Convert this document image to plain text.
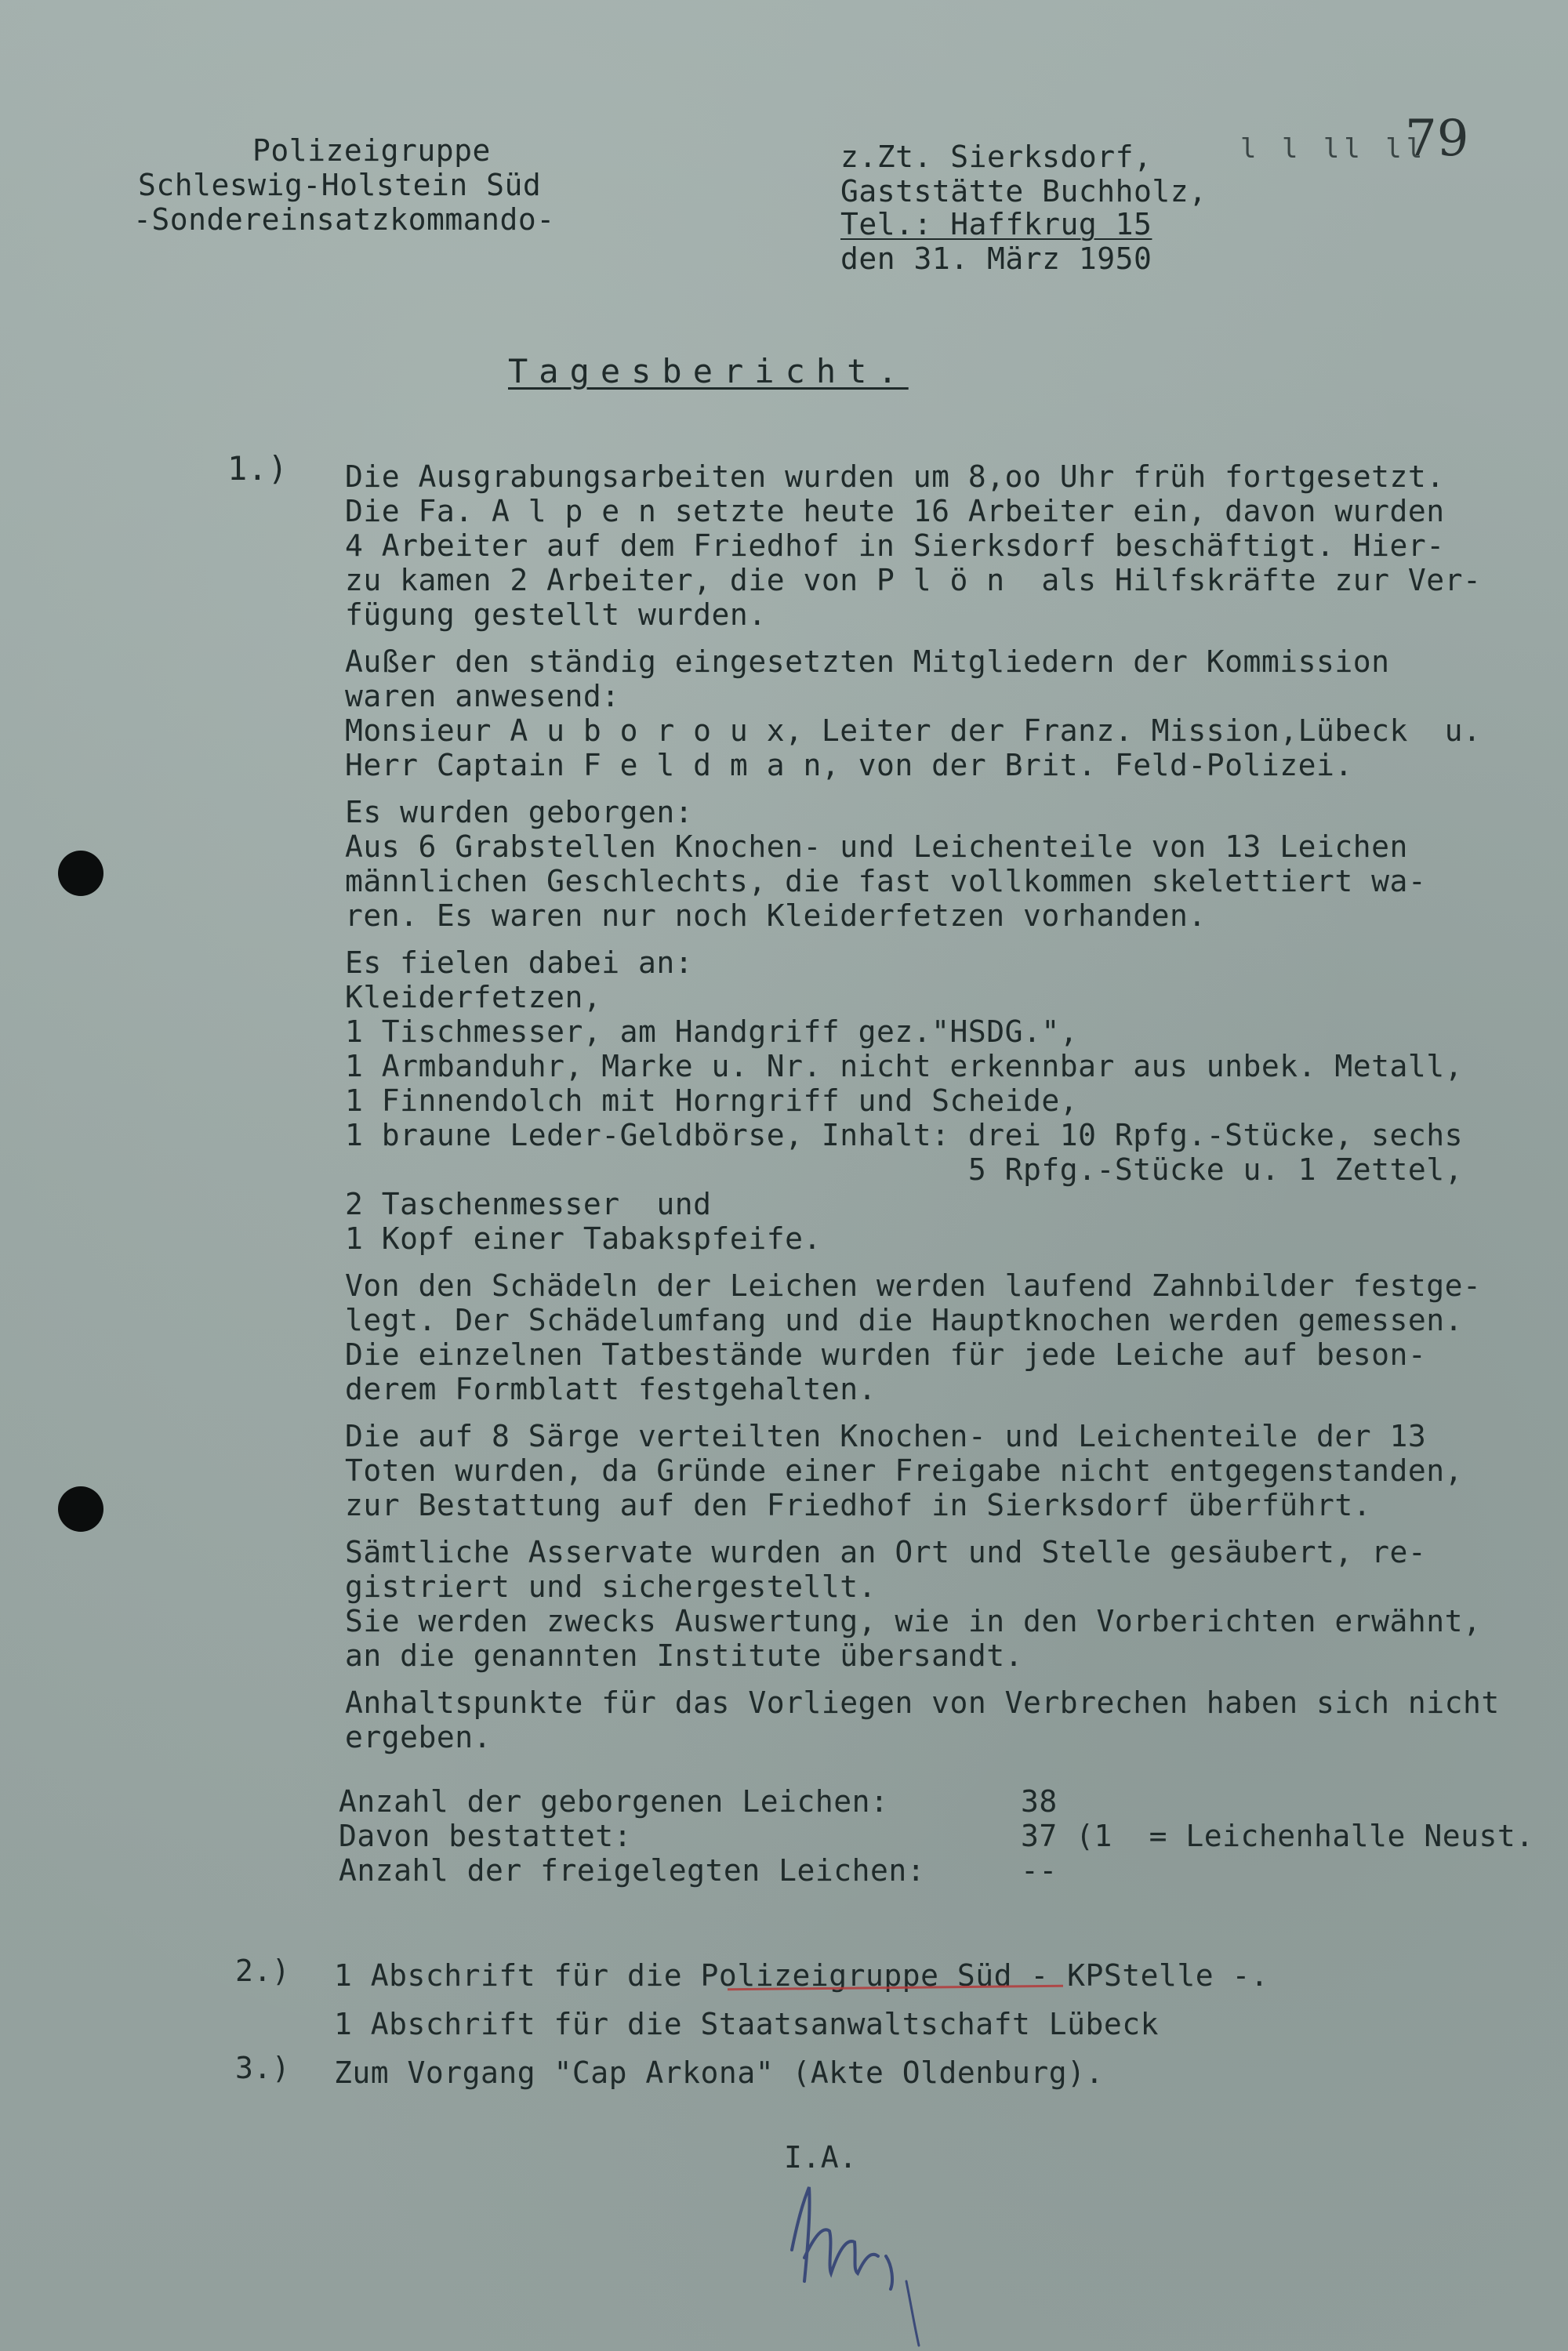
Polizeigruppe
Schleswig-Holstein Süd
-Sondereinsatzkommando-
z.Zt. Sierksdorf,
Gaststätte Buchholz,
Tel.: Haffkrug 15
den 31. März 1950
l l ll ll
79
Tagesbericht.
1.) Die Ausgrabungsarbeiten wurden um 8,oo Uhr früh fortgesetzt.
Die Fa. A l p e n setzte heute 16 Arbeiter ein, davon wurden
4 Arbeiter auf dem Friedhof in Sierksdorf beschäftigt. Hier-
zu kamen 2 Arbeiter, die von P l ö n  als Hilfskräfte zur Ver-
fügung gestellt wurden.
Außer den ständig eingesetzten Mitgliedern der Kommission
waren anwesend:
Monsieur A u b o r o u x, Leiter der Franz. Mission,Lübeck  u.
Herr Captain F e l d m a n, von der Brit. Feld-Polizei.
Es wurden geborgen:
Aus 6 Grabstellen Knochen- und Leichenteile von 13 Leichen
männlichen Geschlechts, die fast vollkommen skelettiert wa-
ren. Es waren nur noch Kleiderfetzen vorhanden.
Es fielen dabei an:
Kleiderfetzen,
1 Tischmesser, am Handgriff gez."HSDG.",
1 Armbanduhr, Marke u. Nr. nicht erkennbar aus unbek. Metall,
1 Finnendolch mit Horngriff und Scheide,
1 braune Leder-Geldbörse, Inhalt: drei 10 Rpfg.-Stücke, sechs
5 Rpfg.-Stücke u. 1 Zettel,
2 Taschenmesser  und
1 Kopf einer Tabakspfeife.
Von den Schädeln der Leichen werden laufend Zahnbilder festge-
legt. Der Schädelumfang und die Hauptknochen werden gemessen.
Die einzelnen Tatbestände wurden für jede Leiche auf beson-
derem Formblatt festgehalten.
Die auf 8 Särge verteilten Knochen- und Leichenteile der 13
Toten wurden, da Gründe einer Freigabe nicht entgegenstanden,
zur Bestattung auf den Friedhof in Sierksdorf überführt.
Sämtliche Asservate wurden an Ort und Stelle gesäubert, re-
gistriert und sichergestellt.
Sie werden zwecks Auswertung, wie in den Vorberichten erwähnt,
an die genannten Institute übersandt.
Anhaltspunkte für das Vorliegen von Verbrechen haben sich nicht
ergeben.
Anzahl der geborgenen Leichen:	38
Davon bestattet:	37 (1  = Leichenhalle Neust.
Anzahl der freigelegten Leichen:	--
2.) 1 Abschrift für die Polizeigruppe Süd - KPStelle -.
1 Abschrift für die Staatsanwaltschaft Lübeck
3.) Zum Vorgang "Cap Arkona" (Akte Oldenburg).
I.A.
